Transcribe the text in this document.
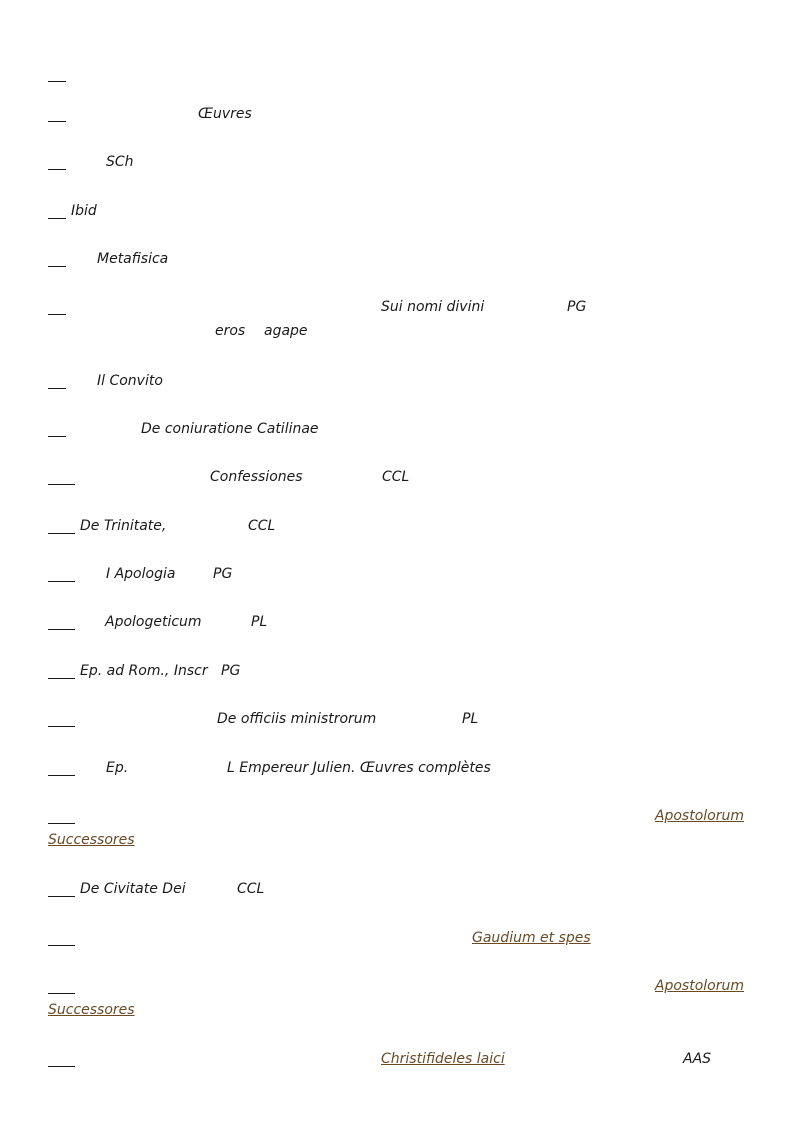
Œuvres
SCh
Ibid
Metafisica
Sui nomi divini	PG
eros agape
Il Convito
De coniuratione Catilinae
Confessiones	CCL
De Trinitate,	CCL
I Apologia	PG
Apologeticum	PL
Ep. ad Rom., Inscr PG
De officiis ministrorum	PL
Ep.	L Empereur Julien. Œuvres complètes
Apostolorum
Successores
De Civitate Dei	CCL
Gaudium et spes
Apostolorum
Successores
Christifideles laici	AAS
